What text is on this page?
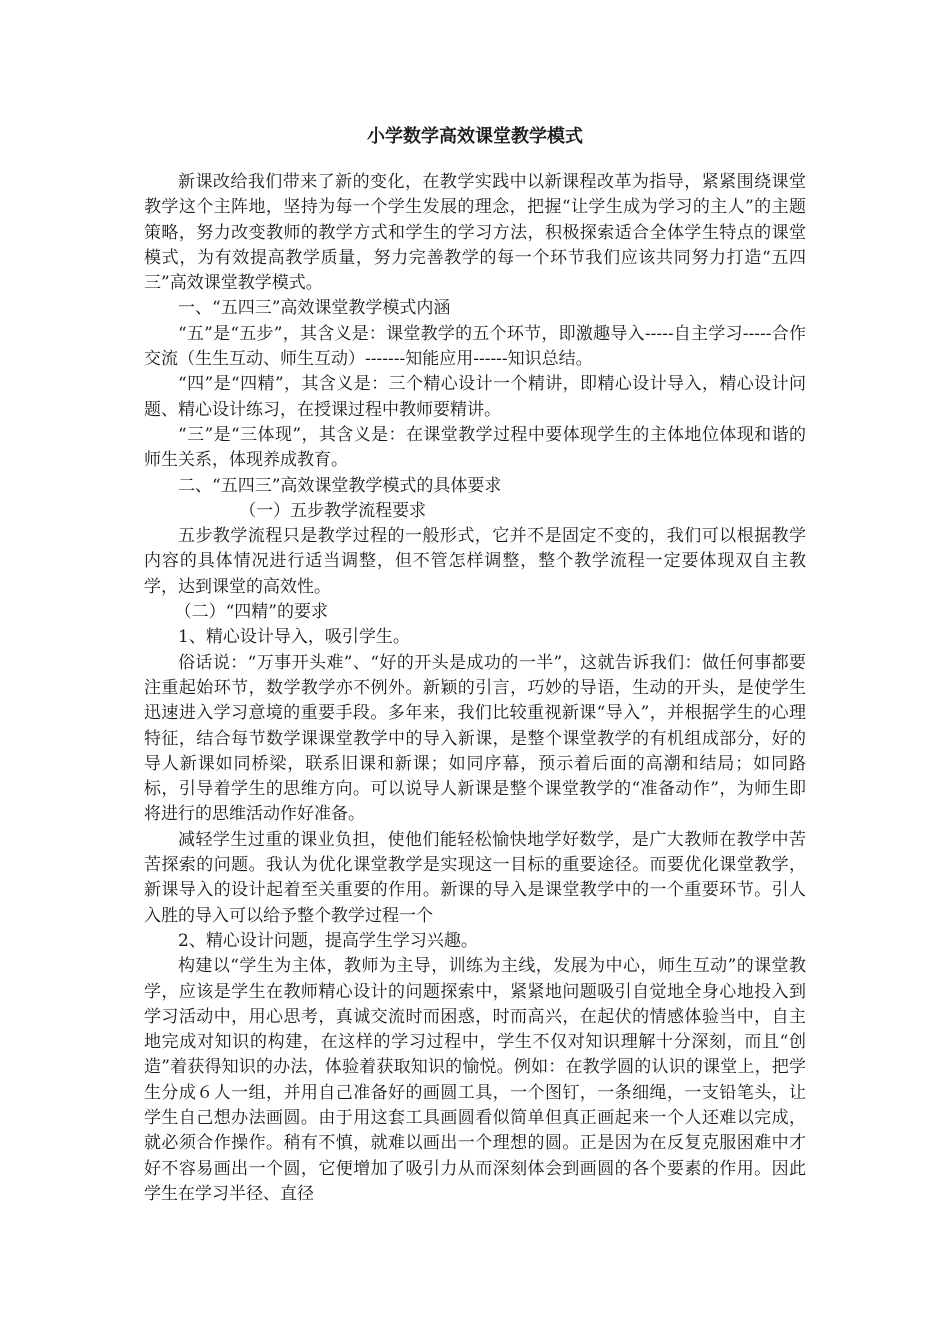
小学数学高效课堂教学模式

新课改给我们带来了新的变化，在教学实践中以新课程改革为指导，紧紧围绕课堂教学这个主阵地，坚持为每一个学生发展的理念，把握“让学生成为学习的主人”的主题策略，努力改变教师的教学方式和学生的学习方法，积极探索适合全体学生特点的课堂模式，为有效提高教学质量，努力完善教学的每一个环节我们应该共同努力打造“五四三”高效课堂教学模式。

一、“五四三”高效课堂教学模式内涵

“五”是“五步”，其含义是：课堂教学的五个环节，即激趣导入-----自主学习-----合作交流（生生互动、师生互动）-------知能应用------知识总结。

“四”是“四精”，其含义是：三个精心设计一个精讲，即精心设计导入，精心设计问题、精心设计练习，在授课过程中教师要精讲。

“三”是“三体现”，其含义是：在课堂教学过程中要体现学生的主体地位体现和谐的师生关系，体现养成教育。

二、“五四三”高效课堂教学模式的具体要求

（一）五步教学流程要求

五步教学流程只是教学过程的一般形式，它并不是固定不变的，我们可以根据教学内容的具体情况进行适当调整，但不管怎样调整，整个教学流程一定要体现双自主教学，达到课堂的高效性。

（二）“四精”的要求

1、精心设计导入，吸引学生。

俗话说：“万事开头难”、“好的开头是成功的一半”，这就告诉我们：做任何事都要注重起始环节，数学教学亦不例外。新颖的引言，巧妙的导语，生动的开头，是使学生迅速进入学习意境的重要手段。多年来，我们比较重视新课“导入”，并根据学生的心理特征，结合每节数学课课堂教学中的导入新课，是整个课堂教学的有机组成部分，好的导人新课如同桥梁，联系旧课和新课；如同序幕，预示着后面的高潮和结局；如同路标，引导着学生的思维方向。可以说导人新课是整个课堂教学的“准备动作”，为师生即将进行的思维活动作好准备。

减轻学生过重的课业负担，使他们能轻松愉快地学好数学，是广大教师在教学中苦苦探索的问题。我认为优化课堂教学是实现这一目标的重要途径。而要优化课堂教学，新课导入的设计起着至关重要的作用。新课的导入是课堂教学中的一个重要环节。引人入胜的导入可以给予整个教学过程一个

2、精心设计问题，提高学生学习兴趣。

构建以“学生为主体，教师为主导，训练为主线，发展为中心，师生互动”的课堂教学，应该是学生在教师精心设计的问题探索中，紧紧地问题吸引自觉地全身心地投入到学习活动中，用心思考，真诚交流时而困惑，时而高兴，在起伏的情感体验当中，自主地完成对知识的构建，在这样的学习过程中，学生不仅对知识理解十分深刻，而且“创造”着获得知识的办法，体验着获取知识的愉悦。例如：在教学圆的认识的课堂上，把学生分成６人一组，并用自己准备好的画圆工具，一个图钉，一条细绳，一支铅笔头，让学生自己想办法画圆。由于用这套工具画圆看似简单但真正画起来一个人还难以完成，就必须合作操作。稍有不慎，就难以画出一个理想的圆。正是因为在反复克服困难中才好不容易画出一个圆，它便增加了吸引力从而深刻体会到画圆的各个要素的作用。因此学生在学习半径、直径
